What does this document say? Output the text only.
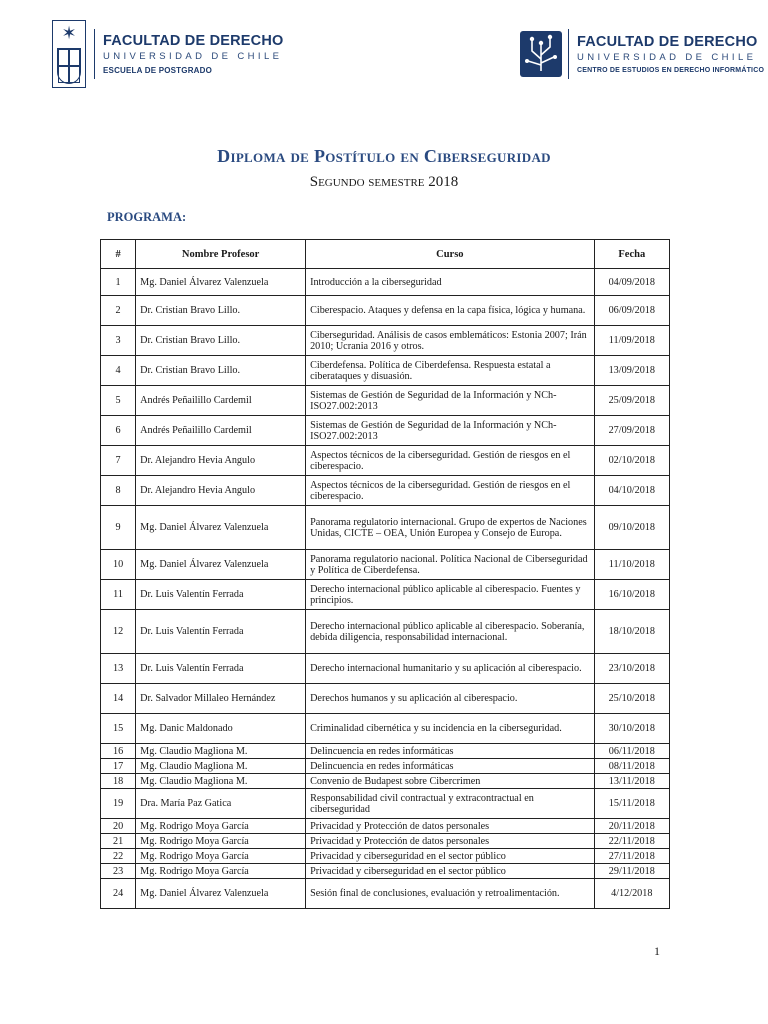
✶ FACULTAD DE DERECHO
UNIVERSIDAD DE CHILE
ESCUELA DE POSTGRADO
FACULTAD DE DERECHO
UNIVERSIDAD DE CHILE
CENTRO DE ESTUDIOS EN DERECHO INFORMÁTICO
Diploma de Postítulo en Ciberseguridad
Segundo semestre 2018
PROGRAMA:
#	Nombre Profesor	Curso	Fecha
1	Mg. Daniel Álvarez Valenzuela	Introducción a la ciberseguridad	04/09/2018
2	Dr. Cristian Bravo Lillo.	Ciberespacio. Ataques y defensa en la capa física, lógica y humana.	06/09/2018
3	Dr. Cristian Bravo Lillo.	Ciberseguridad. Análisis de casos emblemáticos: Estonia 2007; Irán 2010; Ucrania 2016 y otros.	11/09/2018
4	Dr. Cristian Bravo Lillo.	Ciberdefensa. Política de Ciberdefensa. Respuesta estatal a ciberataques y disuasión.	13/09/2018
5	Andrés Peñailillo Cardemil	Sistemas de Gestión de Seguridad de la Información y NCh-ISO27.002:2013	25/09/2018
6	Andrés Peñailillo Cardemil	Sistemas de Gestión de Seguridad de la Información y NCh-ISO27.002:2013	27/09/2018
7	Dr. Alejandro Hevia Angulo	Aspectos técnicos de la ciberseguridad. Gestión de riesgos en el ciberespacio.	02/10/2018
8	Dr. Alejandro Hevia Angulo	Aspectos técnicos de la ciberseguridad. Gestión de riesgos en el ciberespacio.	04/10/2018
9	Mg. Daniel Álvarez Valenzuela	Panorama regulatorio internacional. Grupo de expertos de Naciones Unidas, CICTE – OEA, Unión Europea y Consejo de Europa.	09/10/2018
10	Mg. Daniel Álvarez Valenzuela	Panorama regulatorio nacional. Política Nacional de Ciberseguridad y Política de Ciberdefensa.	11/10/2018
11	Dr. Luis Valentín Ferrada	Derecho internacional público aplicable al ciberespacio. Fuentes y principios.	16/10/2018
12	Dr. Luis Valentín Ferrada	Derecho internacional público aplicable al ciberespacio. Soberanía, debida diligencia, responsabilidad internacional.	18/10/2018
13	Dr. Luis Valentín Ferrada	Derecho internacional humanitario y su aplicación al ciberespacio.	23/10/2018
14	Dr. Salvador Millaleo Hernández	Derechos humanos y su aplicación al ciberespacio.	25/10/2018
15	Mg. Danic Maldonado	Criminalidad cibernética y su incidencia en la ciberseguridad.	30/10/2018
16	Mg. Claudio Magliona M.	Delincuencia en redes informáticas	06/11/2018
17	Mg. Claudio Magliona M.	Delincuencia en redes informáticas	08/11/2018
18	Mg. Claudio Magliona M.	Convenio de Budapest sobre Cibercrimen	13/11/2018
19	Dra. María Paz Gatica	Responsabilidad civil contractual y extracontractual en ciberseguridad	15/11/2018
20	Mg. Rodrigo Moya García	Privacidad y Protección de datos personales	20/11/2018
21	Mg. Rodrigo Moya García	Privacidad y Protección de datos personales	22/11/2018
22	Mg. Rodrigo Moya García	Privacidad y ciberseguridad en el sector público	27/11/2018
23	Mg. Rodrigo Moya García	Privacidad y ciberseguridad en el sector público	29/11/2018
24	Mg. Daniel Álvarez Valenzuela	Sesión final de conclusiones, evaluación y retroalimentación.	4/12/2018
1
